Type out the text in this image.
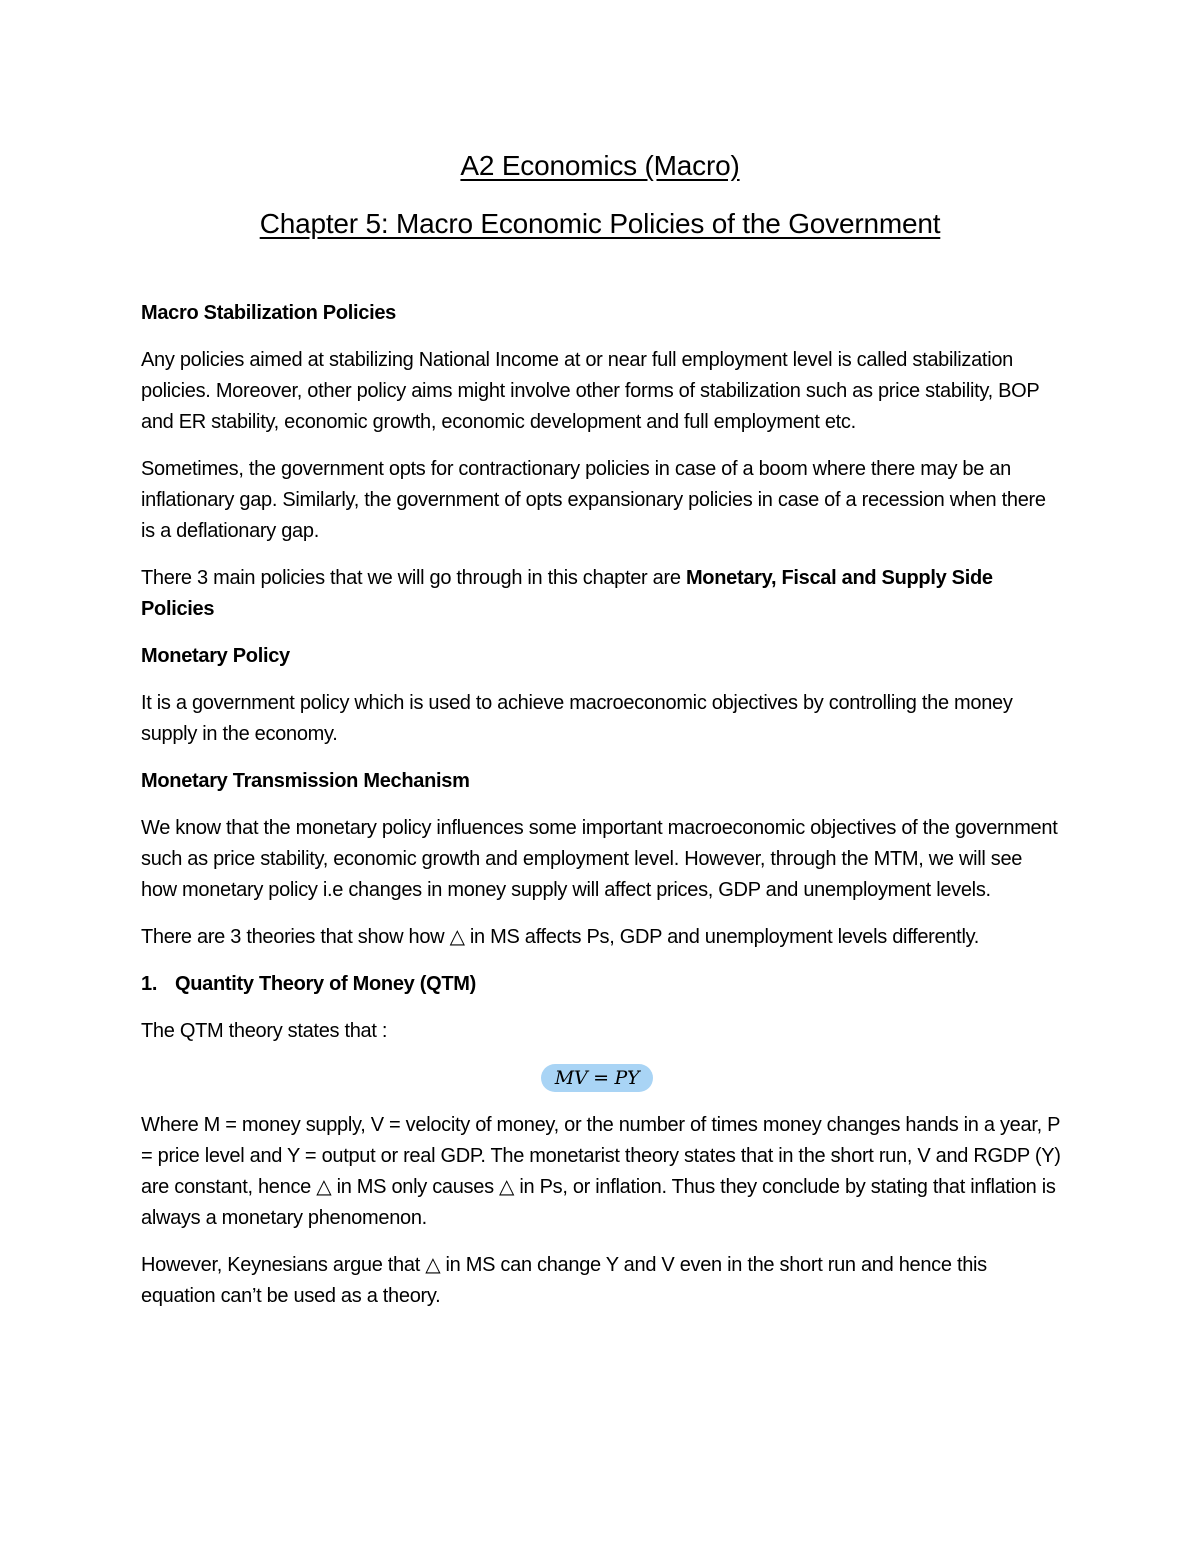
A2 Economics (Macro)
Chapter 5: Macro Economic Policies of the Government
Macro Stabilization Policies

Any policies aimed at stabilizing National Income at or near full employment level is called stabilization policies. Moreover, other policy aims might involve other forms of stabilization such as price stability, BOP and ER stability, economic growth, economic development and full employment etc.

Sometimes, the government opts for contractionary policies in case of a boom where there may be an inflationary gap. Similarly, the government of opts expansionary policies in case of a recession when there is a deflationary gap.

There 3 main policies that we will go through in this chapter are Monetary, Fiscal and Supply Side Policies

Monetary Policy

It is a government policy which is used to achieve macroeconomic objectives by controlling the money supply in the economy.

Monetary Transmission Mechanism

We know that the monetary policy influences some important macroeconomic objectives of the government such as price stability, economic growth and employment level. However, through the MTM, we will see how monetary policy i.e changes in money supply will affect prices, GDP and unemployment levels.

There are 3 theories that show how △ in MS affects Ps, GDP and unemployment levels differently.

1. Quantity Theory of Money (QTM)

The QTM theory states that :

MV = PY

Where M = money supply, V = velocity of money, or the number of times money changes hands in a year, P = price level and Y = output or real GDP. The monetarist theory states that in the short run, V and RGDP (Y) are constant, hence △ in MS only causes △ in Ps, or inflation. Thus they conclude by stating that inflation is always a monetary phenomenon.

However, Keynesians argue that △ in MS can change Y and V even in the short run and hence this equation can’t be used as a theory.
